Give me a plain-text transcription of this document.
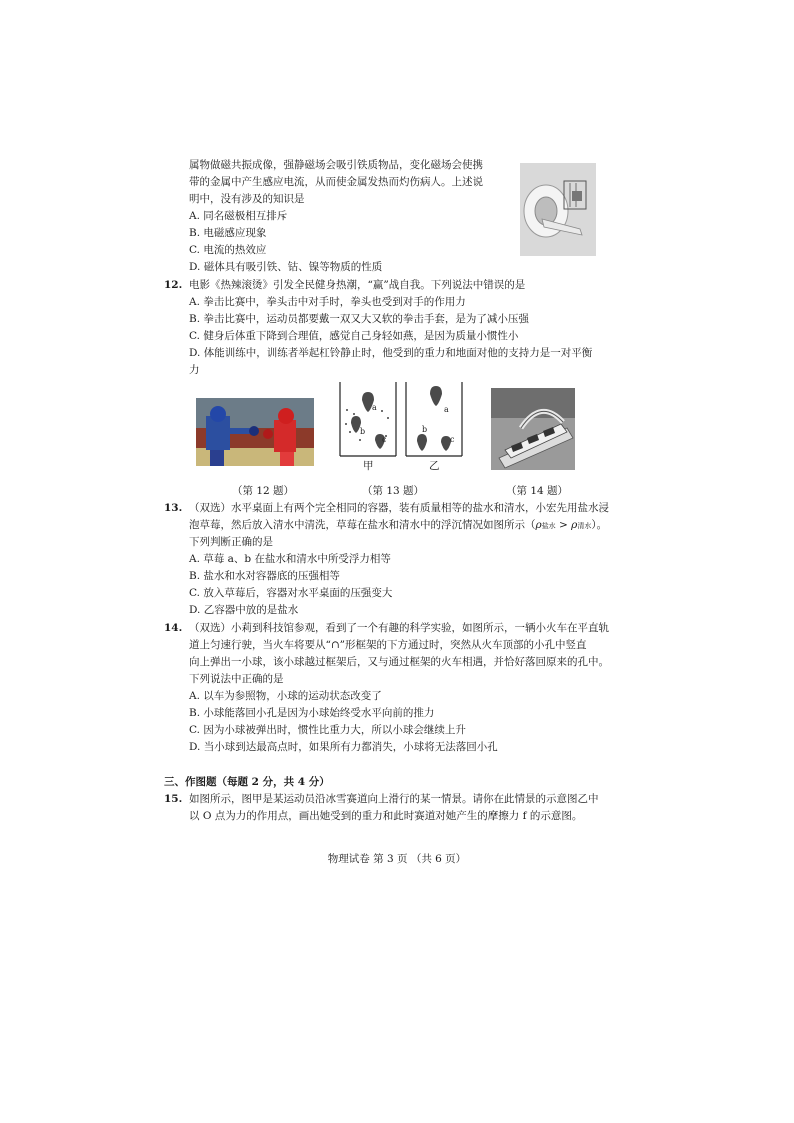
属物做磁共振成像，强静磁场会吸引铁质物品，变化磁场会使携
带的金属中产生感应电流，从而使金属发热而灼伤病人。上述说
明中，没有涉及的知识是
A. 同名磁极相互排斥
B. 电磁感应现象
C. 电流的热效应
D. 磁体具有吸引铁、钴、镍等物质的性质
12. 电影《热辣滚烫》引发全民健身热潮，“赢”战自我。下列说法中错误的是
A. 拳击比赛中，拳头击中对手时，拳头也受到对手的作用力
B. 拳击比赛中，运动员都要戴一双又大又软的拳击手套，是为了减小压强
C. 健身后体重下降到合理值，感觉自己身轻如燕，是因为质量小惯性小
D. 体能训练中，训练者举起杠铃静止时，他受到的重力和地面对他的支持力是一对平衡
力
a
b
c
甲
a
b
c
乙
（第 12 题）	（第 13 题）	（第 14 题）
13. （双选）水平桌面上有两个完全相同的容器，装有质量相等的盐水和清水，小宏先用盐水浸
泡草莓，然后放入清水中清洗，草莓在盐水和清水中的浮沉情况如图所示（ρ盐水 > ρ清水）。
下列判断正确的是
A. 草莓 a、b 在盐水和清水中所受浮力相等
B. 盐水和水对容器底的压强相等
C. 放入草莓后，容器对水平桌面的压强变大
D. 乙容器中放的是盐水
14. （双选）小莉到科技馆参观，看到了一个有趣的科学实验，如图所示，一辆小火车在平直轨
道上匀速行驶，当火车将要从“∩”形框架的下方通过时，突然从火车顶部的小孔中竖直
向上弹出一小球，该小球越过框架后，又与通过框架的火车相遇，并恰好落回原来的孔中。
下列说法中正确的是
A. 以车为参照物，小球的运动状态改变了
B. 小球能落回小孔是因为小球始终受水平向前的推力
C. 因为小球被弹出时，惯性比重力大，所以小球会继续上升
D. 当小球到达最高点时，如果所有力都消失，小球将无法落回小孔
三、作图题（每题 2 分，共 4 分）
15. 如图所示，图甲是某运动员沿冰雪赛道向上滑行的某一情景。请你在此情景的示意图乙中
以 O 点为力的作用点，画出她受到的重力和此时赛道对她产生的摩擦力 f 的示意图。
物理试卷 第 3 页 （共 6 页）
